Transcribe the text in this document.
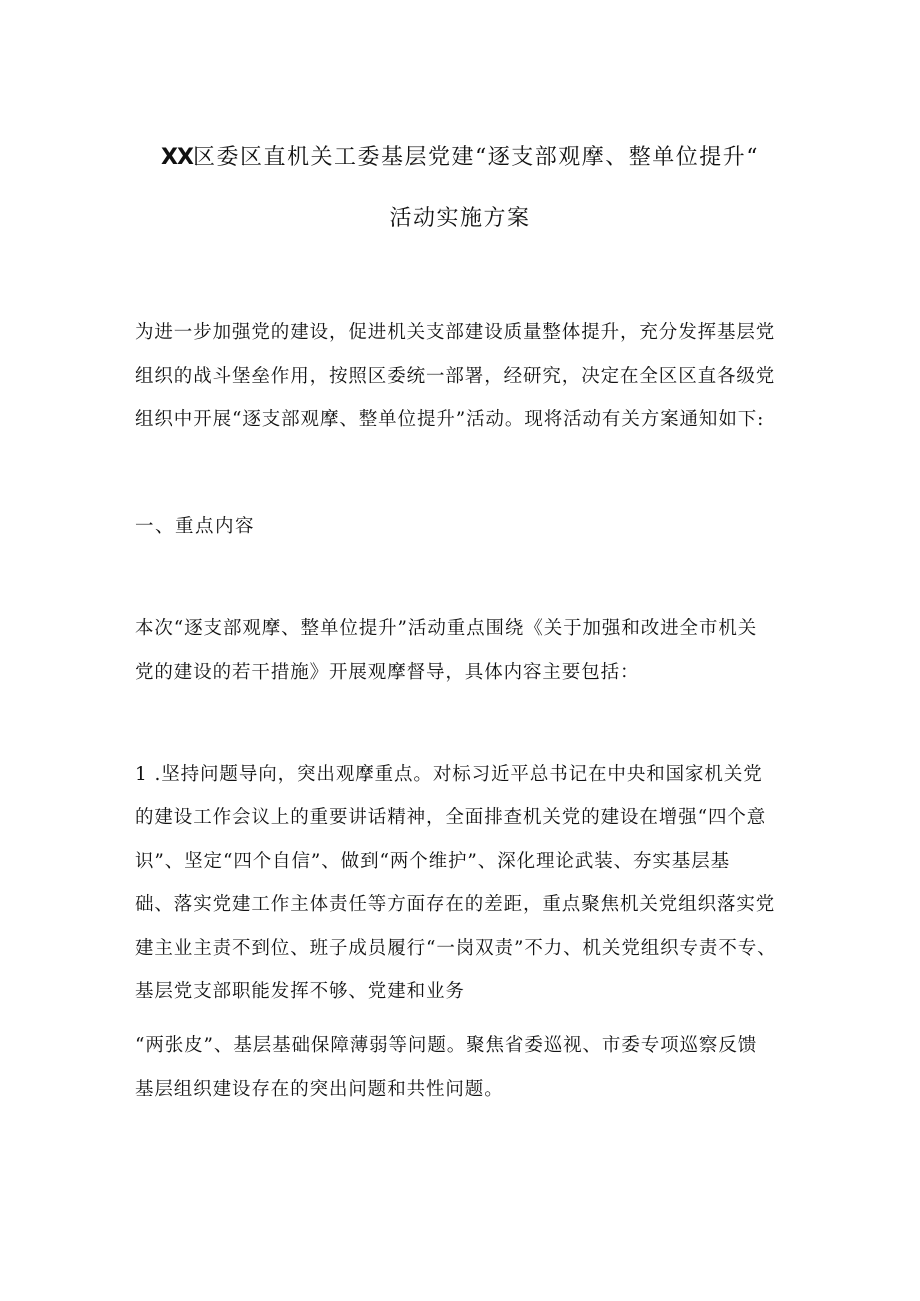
XX区委区直机关工委基层党建“逐支部观摩、整单位提升“
活动实施方案
为进一步加强党的建设，促进机关支部建设质量整体提升，充分发挥基层党
组织的战斗堡垒作用，按照区委统一部署，经研究，决定在全区区直各级党
组织中开展“逐支部观摩、整单位提升”活动。现将活动有关方案通知如下:
一、重点内容
本次“逐支部观摩、整单位提升”活动重点围绕《关于加强和改进全市机关
党的建设的若干措施》开展观摩督导，具体内容主要包括：
1 .坚持问题导向，突出观摩重点。对标习近平总书记在中央和国家机关党
的建设工作会议上的重要讲话精神，全面排查机关党的建设在增强“四个意
识”、坚定“四个自信”、做到“两个维护”、深化理论武装、夯实基层基
础、落实党建工作主体责任等方面存在的差距，重点聚焦机关党组织落实党
建主业主责不到位、班子成员履行“一岗双责”不力、机关党组织专责不专、
基层党支部职能发挥不够、党建和业务
“两张皮”、基层基础保障薄弱等问题。聚焦省委巡视、市委专项巡察反馈
基层组织建设存在的突出问题和共性问题。
